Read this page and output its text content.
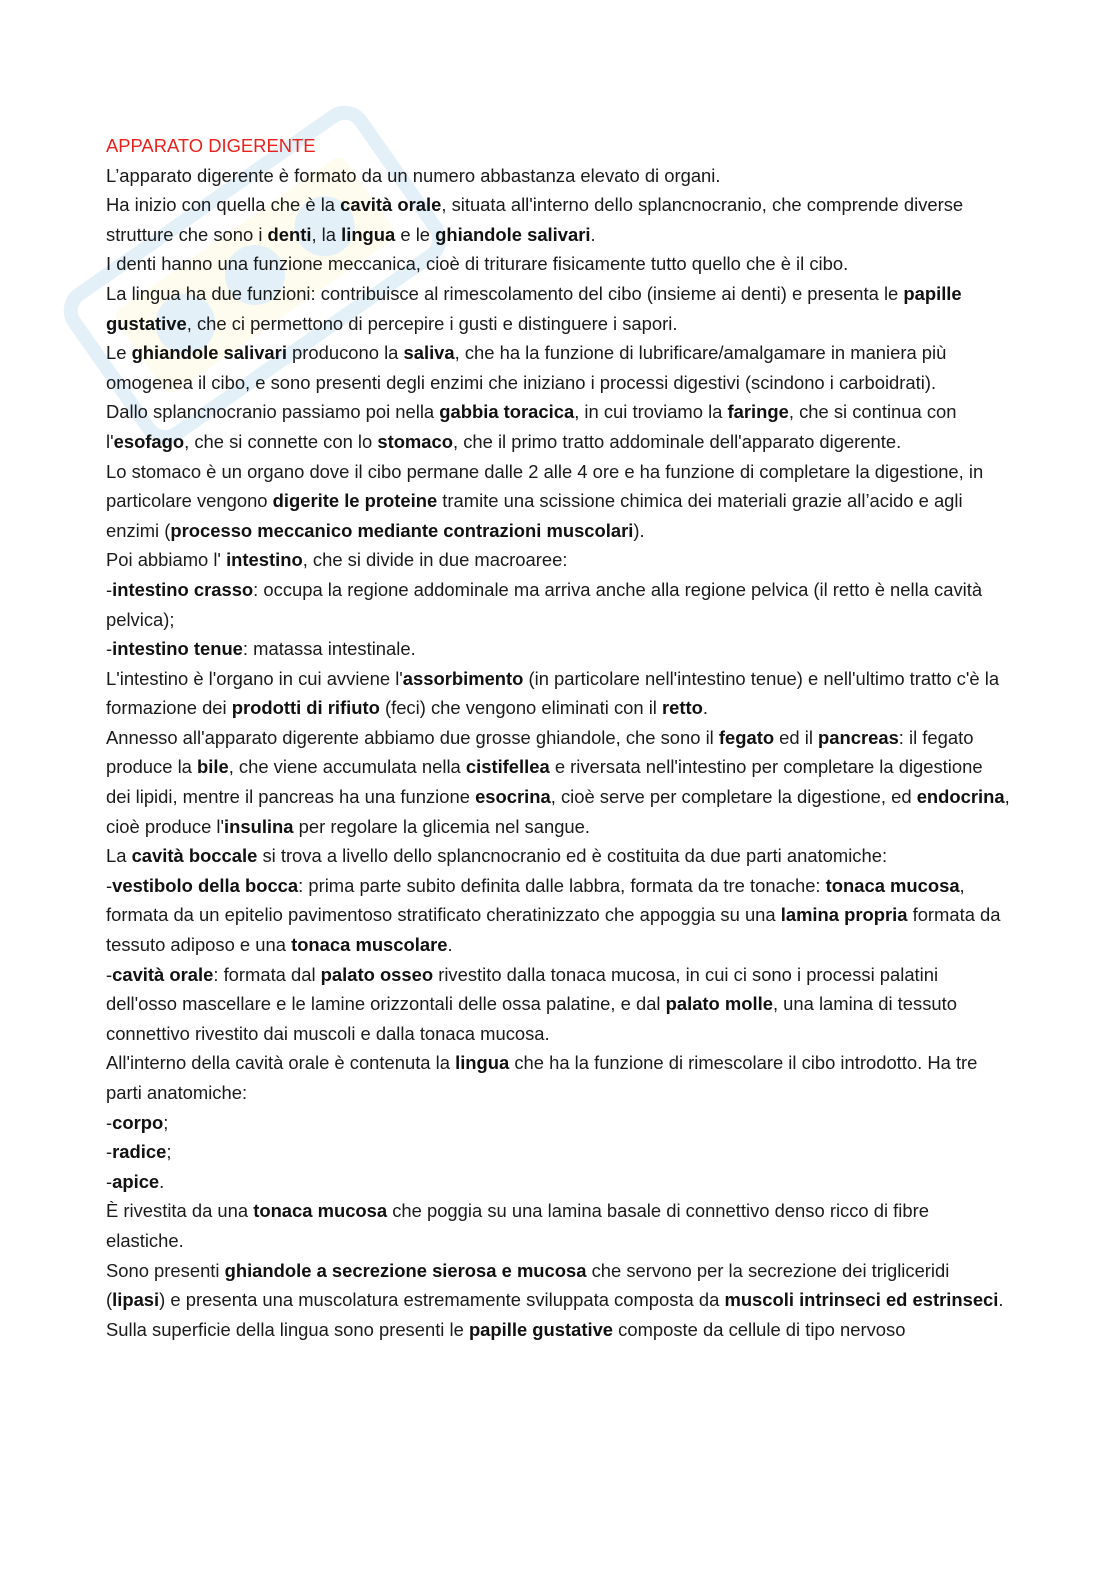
APPARATO DIGERENTE

L’apparato digerente è formato da un numero abbastanza elevato di organi.

Ha inizio con quella che è la cavità orale, situata all'interno dello splancnocranio, che comprende diverse strutture che sono i denti, la lingua e le ghiandole salivari.

I denti hanno una funzione meccanica, cioè di triturare fisicamente tutto quello che è il cibo.

La lingua ha due funzioni: contribuisce al rimescolamento del cibo (insieme ai denti) e presenta le papille gustative, che ci permettono di percepire i gusti e distinguere i sapori.

Le ghiandole salivari producono la saliva, che ha la funzione di lubrificare/amalgamare in maniera più omogenea il cibo, e sono presenti degli enzimi che iniziano i processi digestivi (scindono i carboidrati).

Dallo splancnocranio passiamo poi nella gabbia toracica, in cui troviamo la faringe, che si continua con l'esofago, che si connette con lo stomaco, che il primo tratto addominale dell'apparato digerente.

Lo stomaco è un organo dove il cibo permane dalle 2 alle 4 ore e ha funzione di completare la digestione, in particolare vengono digerite le proteine tramite una scissione chimica dei materiali grazie all’acido e agli enzimi (processo meccanico mediante contrazioni muscolari).

Poi abbiamo l' intestino, che si divide in due macroaree:

-intestino crasso: occupa la regione addominale ma arriva anche alla regione pelvica (il retto è nella cavità pelvica);

-intestino tenue: matassa intestinale.

L'intestino è l'organo in cui avviene l'assorbimento (in particolare nell'intestino tenue) e nell'ultimo tratto c'è la formazione dei prodotti di rifiuto (feci) che vengono eliminati con il retto.

Annesso all'apparato digerente abbiamo due grosse ghiandole, che sono il fegato ed il pancreas: il fegato produce la bile, che viene accumulata nella cistifellea e riversata nell'intestino per completare la digestione dei lipidi, mentre il pancreas ha una funzione esocrina, cioè serve per completare la digestione, ed endocrina, cioè produce l'insulina per regolare la glicemia nel sangue.

La cavità boccale si trova a livello dello splancnocranio ed è costituita da due parti anatomiche:

-vestibolo della bocca: prima parte subito definita dalle labbra, formata da tre tonache: tonaca mucosa, formata da un epitelio pavimentoso stratificato cheratinizzato che appoggia su una lamina propria formata da tessuto adiposo e una tonaca muscolare.

-cavità orale: formata dal palato osseo rivestito dalla tonaca mucosa, in cui ci sono i processi palatini dell'osso mascellare e le lamine orizzontali delle ossa palatine, e dal palato molle, una lamina di tessuto connettivo rivestito dai muscoli e dalla tonaca mucosa.

All'interno della cavità orale è contenuta la lingua che ha la funzione di rimescolare il cibo introdotto. Ha tre parti anatomiche:

-corpo;

-radice;

-apice.

È rivestita da una tonaca mucosa che poggia su una lamina basale di connettivo denso ricco di fibre elastiche.

Sono presenti ghiandole a secrezione sierosa e mucosa che servono per la secrezione dei trigliceridi (lipasi) e presenta una muscolatura estremamente sviluppata composta da muscoli intrinseci ed estrinseci.

Sulla superficie della lingua sono presenti le papille gustative composte da cellule di tipo nervoso
